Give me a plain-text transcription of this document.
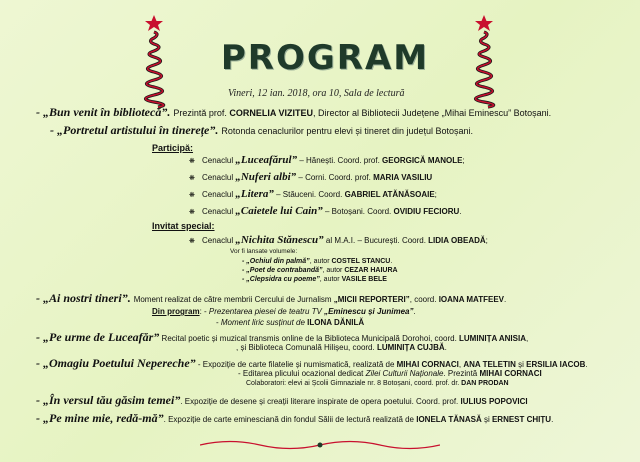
PROGRAM
Vineri, 12 ian. 2018, ora 10, Sala de lectură
- „Bun venit în bibliotecă”. Prezintă prof. CORNELIA VIZITEU, Director al Bibliotecii Județene „Mihai Eminescu” Botoșani.
- „Portretul artistului în tinerețe”. Rotonda cenaclurilor pentru elevi și tineret din județul Botoșani.
Participă:
❋ Cenaclul „Luceafărul” – Hănești. Coord. prof. GEORGICĂ MANOLE;
❋ Cenaclul „Nuferi albi” – Corni. Coord. prof. MARIA VASILIU
❋ Cenaclul „Litera” – Stăuceni. Coord. GABRIEL ATĂNĂSOAIE;
❋ Cenaclul „Caietele lui Cain” – Botoșani. Coord. OVIDIU FECIORU.
Invitat special:
❋ Cenaclul „Nichita Stănescu” al M.A.I. – București. Coord. LIDIA OBEADĂ;
Vor fi lansate volumele:
- „Ochiul din palmă”, autor COSTEL STANCU.
- „Poet de contrabandă”, autor CEZAR HAIURA
- „Clepsidra cu poeme”, autor VASILE BELE
- „Ai nostri tineri”. Moment realizat de către membrii Cercului de Jurnalism „MICII REPORTERI”, coord. IOANA MATFEEV.
Din program: - Prezentarea piesei de teatru TV „Eminescu și Junimea”.
- Moment liric susținut de ILONA DĂNILĂ
- „Pe urme de Luceafăr” Recital poetic și muzical transmis online de la Biblioteca Municipală Dorohoi, coord. LUMINIȚA ANISIA,
, și Biblioteca Comunală Hilișeu, coord. LUMINIȚA CUJBĂ.
- „Omagiu Poetului Nepereche” - Expoziție de carte filatelie și numismatică, realizată de MIHAI CORNACI, ANA TELETIN și ERSILIA IACOB.
- Editarea plicului ocazional dedicat Zilei Culturii Naționale. Prezintă MIHAI CORNACI
Colaboratori: elevi ai Școlii Gimnaziale nr. 8 Botoșani, coord. prof. dr. DAN PRODAN
- „În versul tău găsim temei”. Expoziție de desene și creații literare inspirate de opera poetului. Coord. prof. IULIUS POPOVICI
- „Pe mine mie, redă-mă”. Expoziție de carte eminesciană din fondul Sălii de lectură realizată de IONELA TĂNASĂ și ERNEST CHIȚU.
